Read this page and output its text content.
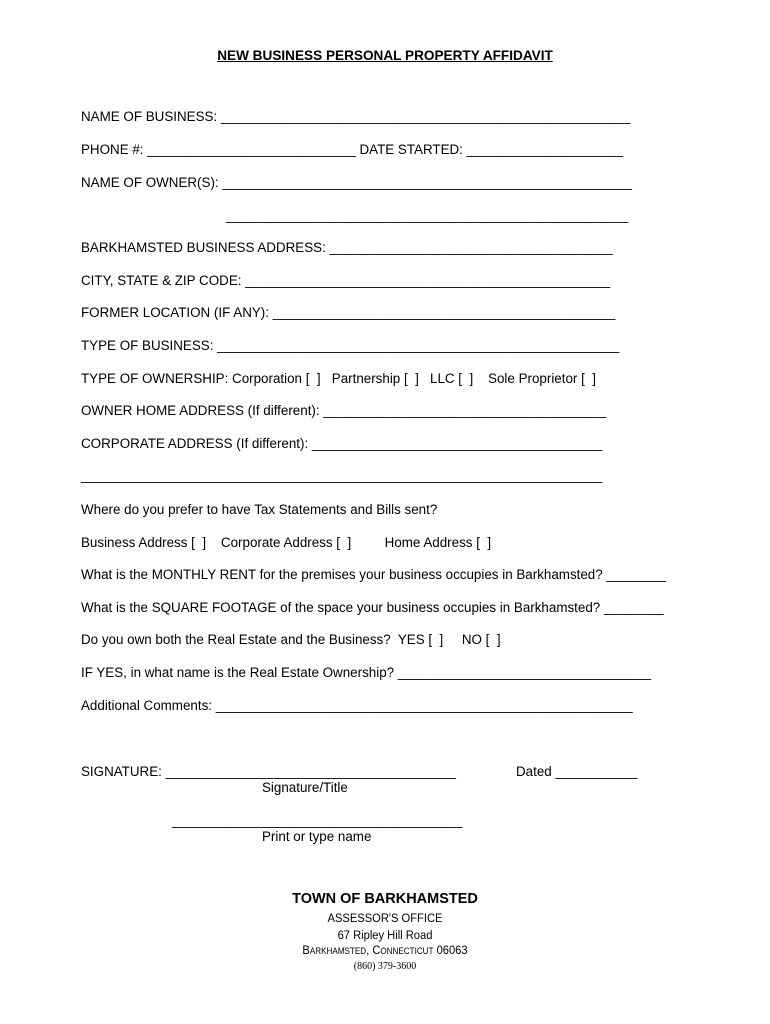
NEW BUSINESS PERSONAL PROPERTY AFFIDAVIT
NAME OF BUSINESS: _______________________________________________________
PHONE #: ____________________________ DATE STARTED: _____________________
NAME OF OWNER(S): _______________________________________________________
______________________________________________________
BARKHAMSTED BUSINESS ADDRESS: ______________________________________
CITY, STATE & ZIP CODE: _________________________________________________
FORMER LOCATION (IF ANY): ______________________________________________
TYPE OF BUSINESS: ______________________________________________________
TYPE OF OWNERSHIP: Corporation [  ]   Partnership [  ]   LLC [  ]    Sole Proprietor [  ]
OWNER HOME ADDRESS (If different): ______________________________________
CORPORATE ADDRESS (If different): _______________________________________
______________________________________________________________________
Where do you prefer to have Tax Statements and Bills sent?
Business Address [  ]    Corporate Address [  ]         Home Address [  ]
What is the MONTHLY RENT for the premises your business occupies in Barkhamsted? ________
What is the SQUARE FOOTAGE of the space your business occupies in Barkhamsted? ________
Do you own both the Real Estate and the Business?  YES [  ]     NO [  ]
IF YES, in what name is the Real Estate Ownership? __________________________________
Additional Comments: ________________________________________________________
SIGNATURE: _______________________________________	Dated ___________
Signature/Title
_______________________________________
Print or type name
TOWN OF BARKHAMSTED
ASSESSOR'S OFFICE
67 Ripley Hill Road
Barkhamsted, Connecticut 06063
(860) 379-3600
